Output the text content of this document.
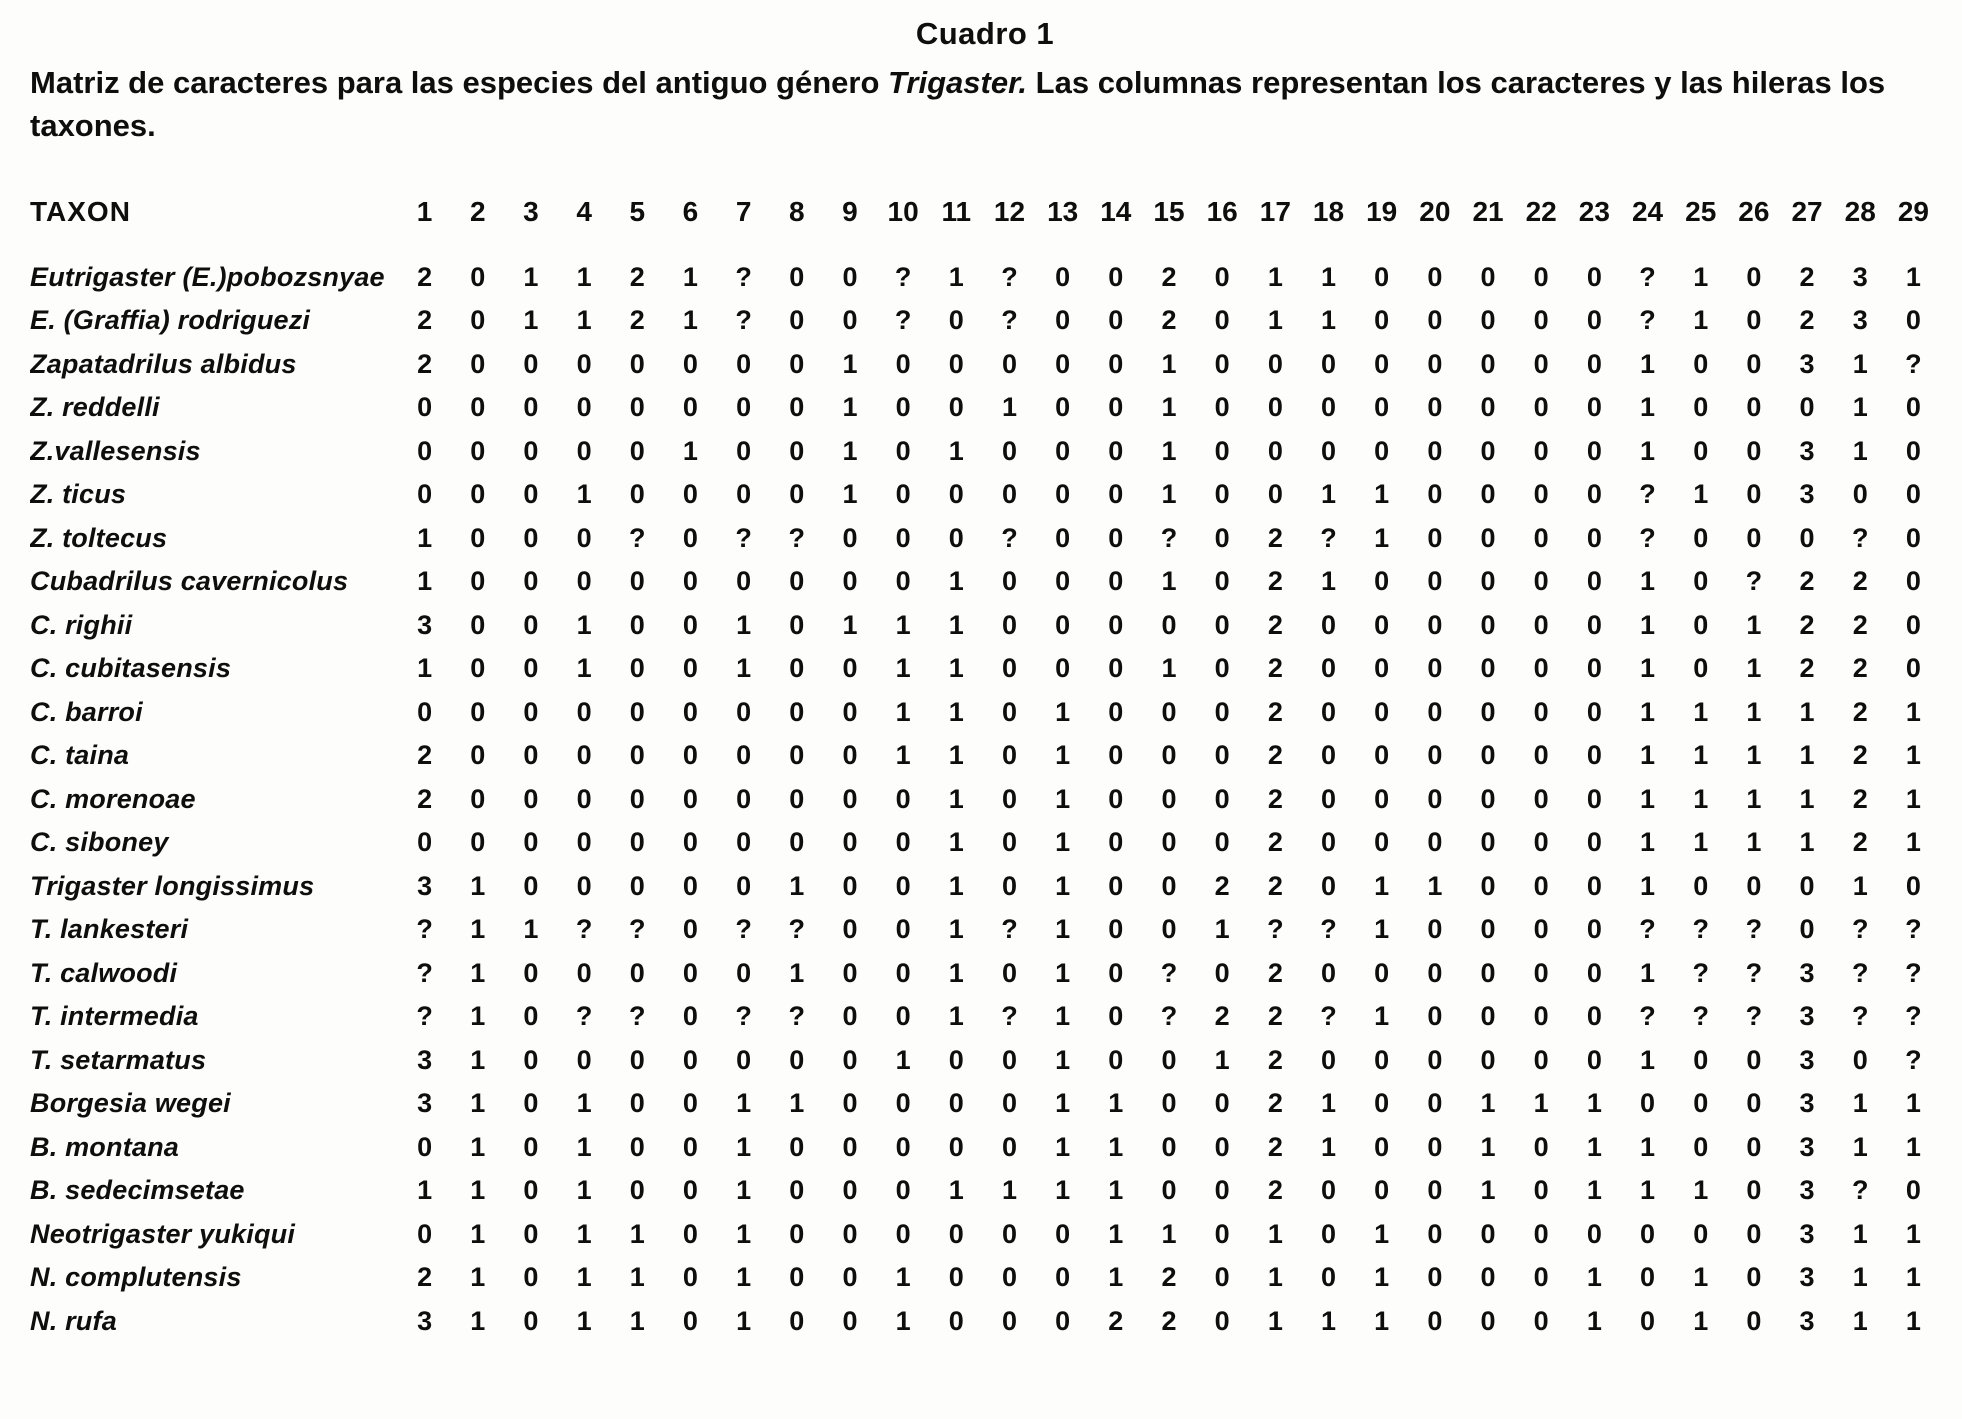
Cuadro 1

Matriz de caracteres para las especies del antiguo género Trigaster. Las columnas representan los caracteres y las hileras los taxones.

TAXON	1	2	3	4	5	6	7	8	9	10	11	12	13	14	15	16	17	18	19	20	21	22	23	24	25	26	27	28	29
Eutrigaster (E.)pobozsnyae	2	0	1	1	2	1	?	0	0	?	1	?	0	0	2	0	1	1	0	0	0	0	0	?	1	0	2	3	1
E. (Graffia) rodriguezi	2	0	1	1	2	1	?	0	0	?	0	?	0	0	2	0	1	1	0	0	0	0	0	?	1	0	2	3	0
Zapatadrilus albidus	2	0	0	0	0	0	0	0	1	0	0	0	0	0	1	0	0	0	0	0	0	0	0	1	0	0	3	1	?
Z. reddelli	0	0	0	0	0	0	0	0	1	0	0	1	0	0	1	0	0	0	0	0	0	0	0	1	0	0	0	1	0
Z.vallesensis	0	0	0	0	0	1	0	0	1	0	1	0	0	0	1	0	0	0	0	0	0	0	0	1	0	0	3	1	0
Z. ticus	0	0	0	1	0	0	0	0	1	0	0	0	0	0	1	0	0	1	1	0	0	0	0	?	1	0	3	0	0
Z. toltecus	1	0	0	0	?	0	?	?	0	0	0	?	0	0	?	0	2	?	1	0	0	0	0	?	0	0	0	?	0
Cubadrilus cavernicolus	1	0	0	0	0	0	0	0	0	0	1	0	0	0	1	0	2	1	0	0	0	0	0	1	0	?	2	2	0
C. righii	3	0	0	1	0	0	1	0	1	1	1	0	0	0	0	0	2	0	0	0	0	0	0	1	0	1	2	2	0
C. cubitasensis	1	0	0	1	0	0	1	0	0	1	1	0	0	0	1	0	2	0	0	0	0	0	0	1	0	1	2	2	0
C. barroi	0	0	0	0	0	0	0	0	0	1	1	0	1	0	0	0	2	0	0	0	0	0	0	1	1	1	1	2	1
C. taina	2	0	0	0	0	0	0	0	0	1	1	0	1	0	0	0	2	0	0	0	0	0	0	1	1	1	1	2	1
C. morenoae	2	0	0	0	0	0	0	0	0	0	1	0	1	0	0	0	2	0	0	0	0	0	0	1	1	1	1	2	1
C. siboney	0	0	0	0	0	0	0	0	0	0	1	0	1	0	0	0	2	0	0	0	0	0	0	1	1	1	1	2	1
Trigaster longissimus	3	1	0	0	0	0	0	1	0	0	1	0	1	0	0	2	2	0	1	1	0	0	0	1	0	0	0	1	0
T. lankesteri	?	1	1	?	?	0	?	?	0	0	1	?	1	0	0	1	?	?	1	0	0	0	0	?	?	?	0	?	?
T. calwoodi	?	1	0	0	0	0	0	1	0	0	1	0	1	0	?	0	2	0	0	0	0	0	0	1	?	?	3	?	?
T. intermedia	?	1	0	?	?	0	?	?	0	0	1	?	1	0	?	2	2	?	1	0	0	0	0	?	?	?	3	?	?
T. setarmatus	3	1	0	0	0	0	0	0	0	1	0	0	1	0	0	1	2	0	0	0	0	0	0	1	0	0	3	0	?
Borgesia wegei	3	1	0	1	0	0	1	1	0	0	0	0	1	1	0	0	2	1	0	0	1	1	1	0	0	0	3	1	1
B. montana	0	1	0	1	0	0	1	0	0	0	0	0	1	1	0	0	2	1	0	0	1	0	1	1	0	0	3	1	1
B. sedecimsetae	1	1	0	1	0	0	1	0	0	0	1	1	1	1	0	0	2	0	0	0	1	0	1	1	1	0	3	?	0
Neotrigaster yukiqui	0	1	0	1	1	0	1	0	0	0	0	0	0	1	1	0	1	0	1	0	0	0	0	0	0	0	3	1	1
N. complutensis	2	1	0	1	1	0	1	0	0	1	0	0	0	1	2	0	1	0	1	0	0	0	1	0	1	0	3	1	1
N. rufa	3	1	0	1	1	0	1	0	0	1	0	0	0	2	2	0	1	1	1	0	0	0	1	0	1	0	3	1	1
